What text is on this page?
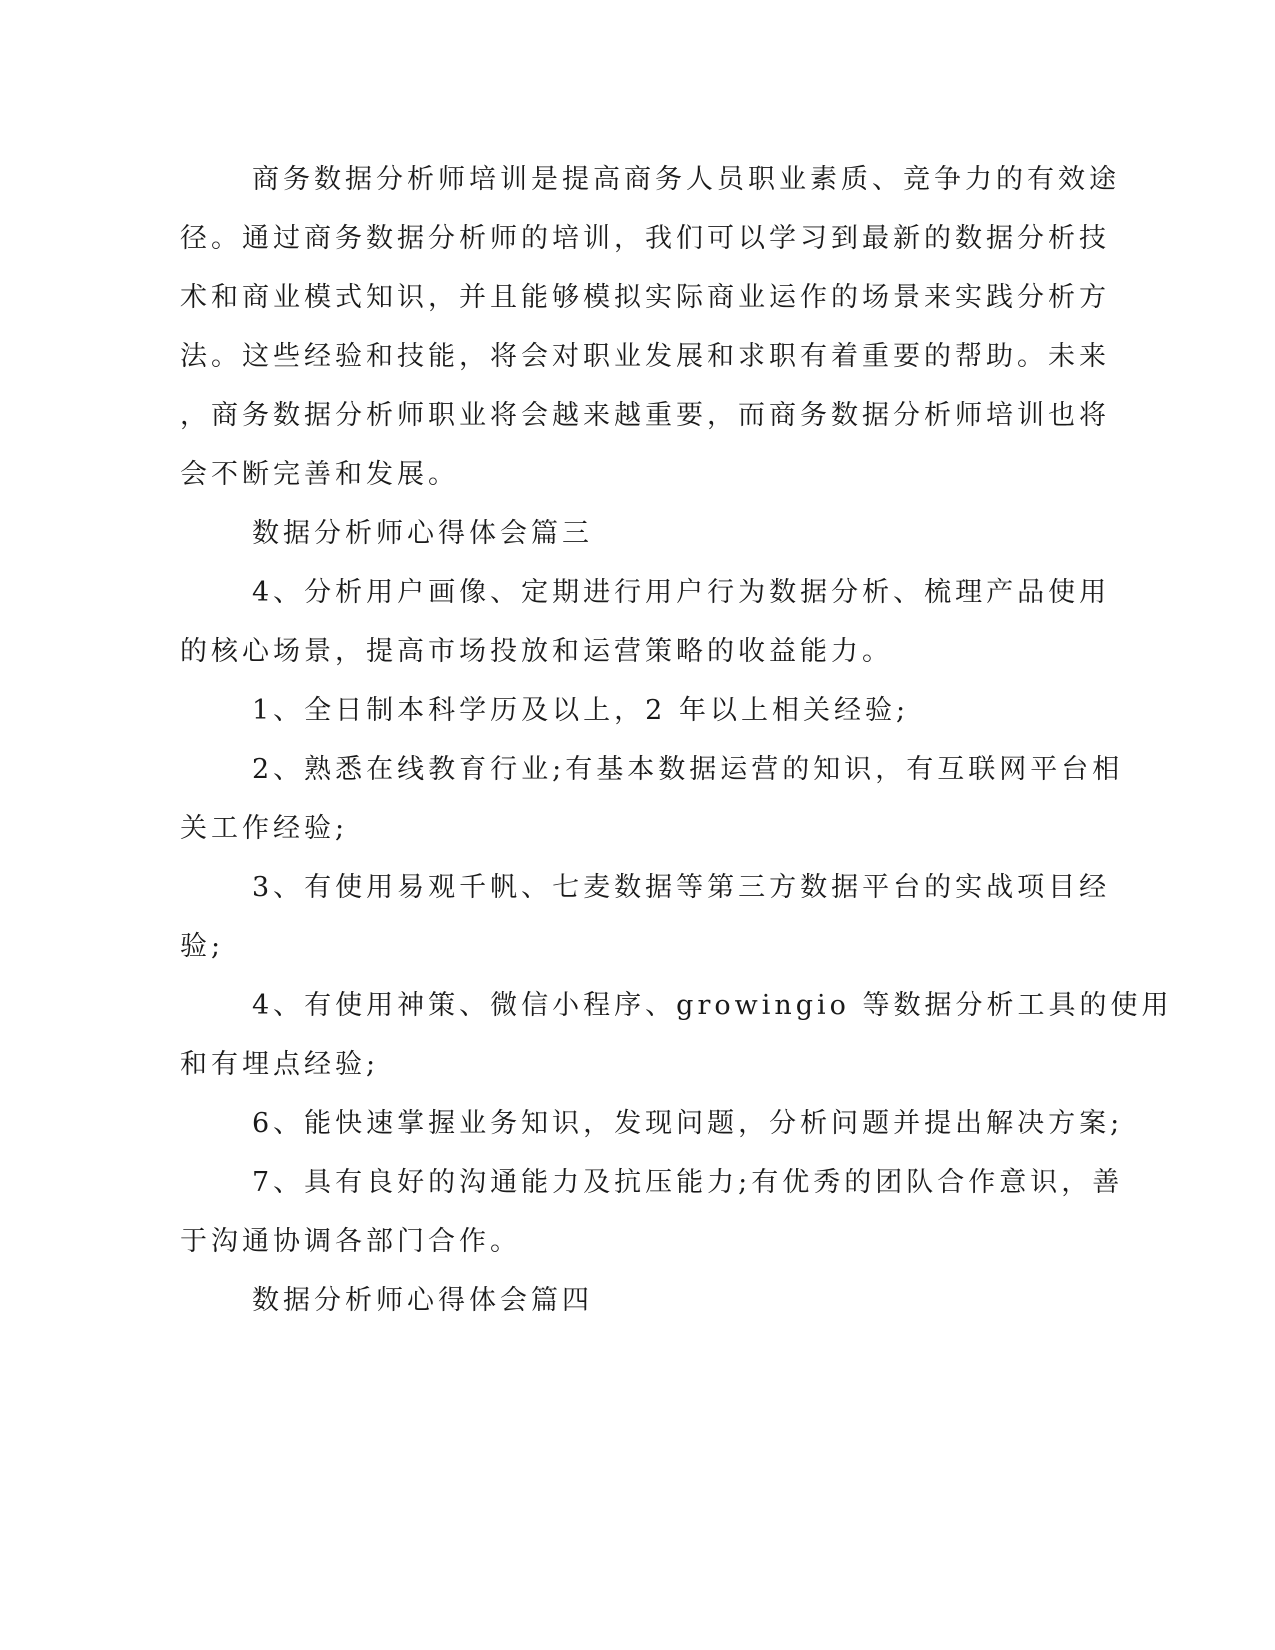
商务数据分析师培训是提高商务人员职业素质、竞争力的有效途
径。通过商务数据分析师的培训，我们可以学习到最新的数据分析技
术和商业模式知识，并且能够模拟实际商业运作的场景来实践分析方
法。这些经验和技能，将会对职业发展和求职有着重要的帮助。未来
，商务数据分析师职业将会越来越重要，而商务数据分析师培训也将
会不断完善和发展。
数据分析师心得体会篇三
4、分析用户画像、定期进行用户行为数据分析、梳理产品使用
的核心场景，提高市场投放和运营策略的收益能力。
1、全日制本科学历及以上，2 年以上相关经验;
2、熟悉在线教育行业;有基本数据运营的知识，有互联网平台相
关工作经验;
3、有使用易观千帆、七麦数据等第三方数据平台的实战项目经
验;
4、有使用神策、微信小程序、growingio 等数据分析工具的使用
和有埋点经验;
6、能快速掌握业务知识，发现问题，分析问题并提出解决方案;
7、具有良好的沟通能力及抗压能力;有优秀的团队合作意识，善
于沟通协调各部门合作。
数据分析师心得体会篇四
